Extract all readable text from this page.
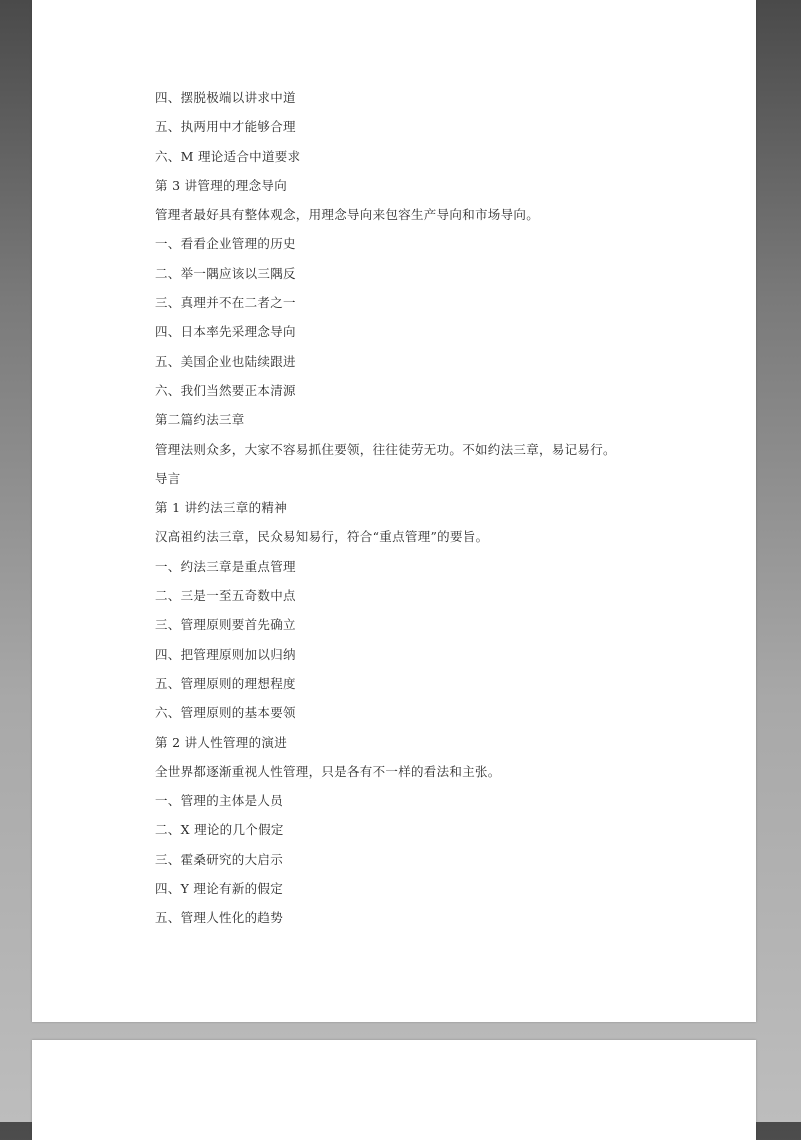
四、摆脱极端以讲求中道
五、执两用中才能够合理
六、M 理论适合中道要求
第 3 讲管理的理念导向
管理者最好具有整体观念，用理念导向来包容生产导向和市场导向。
一、看看企业管理的历史
二、举一隅应该以三隅反
三、真理并不在二者之一
四、日本率先采理念导向
五、美国企业也陆续跟进
六、我们当然要正本清源
第二篇约法三章
管理法则众多，大家不容易抓住要领，往往徒劳无功。不如约法三章，易记易行。
导言
第 1 讲约法三章的精神
汉高祖约法三章，民众易知易行，符合“重点管理”的要旨。
一、约法三章是重点管理
二、三是一至五奇数中点
三、管理原则要首先确立
四、把管理原则加以归纳
五、管理原则的理想程度
六、管理原则的基本要领
第 2 讲人性管理的演进
全世界都逐渐重视人性管理，只是各有不一样的看法和主张。
一、管理的主体是人员
二、X 理论的几个假定
三、霍桑研究的大启示
四、Y 理论有新的假定
五、管理人性化的趋势
